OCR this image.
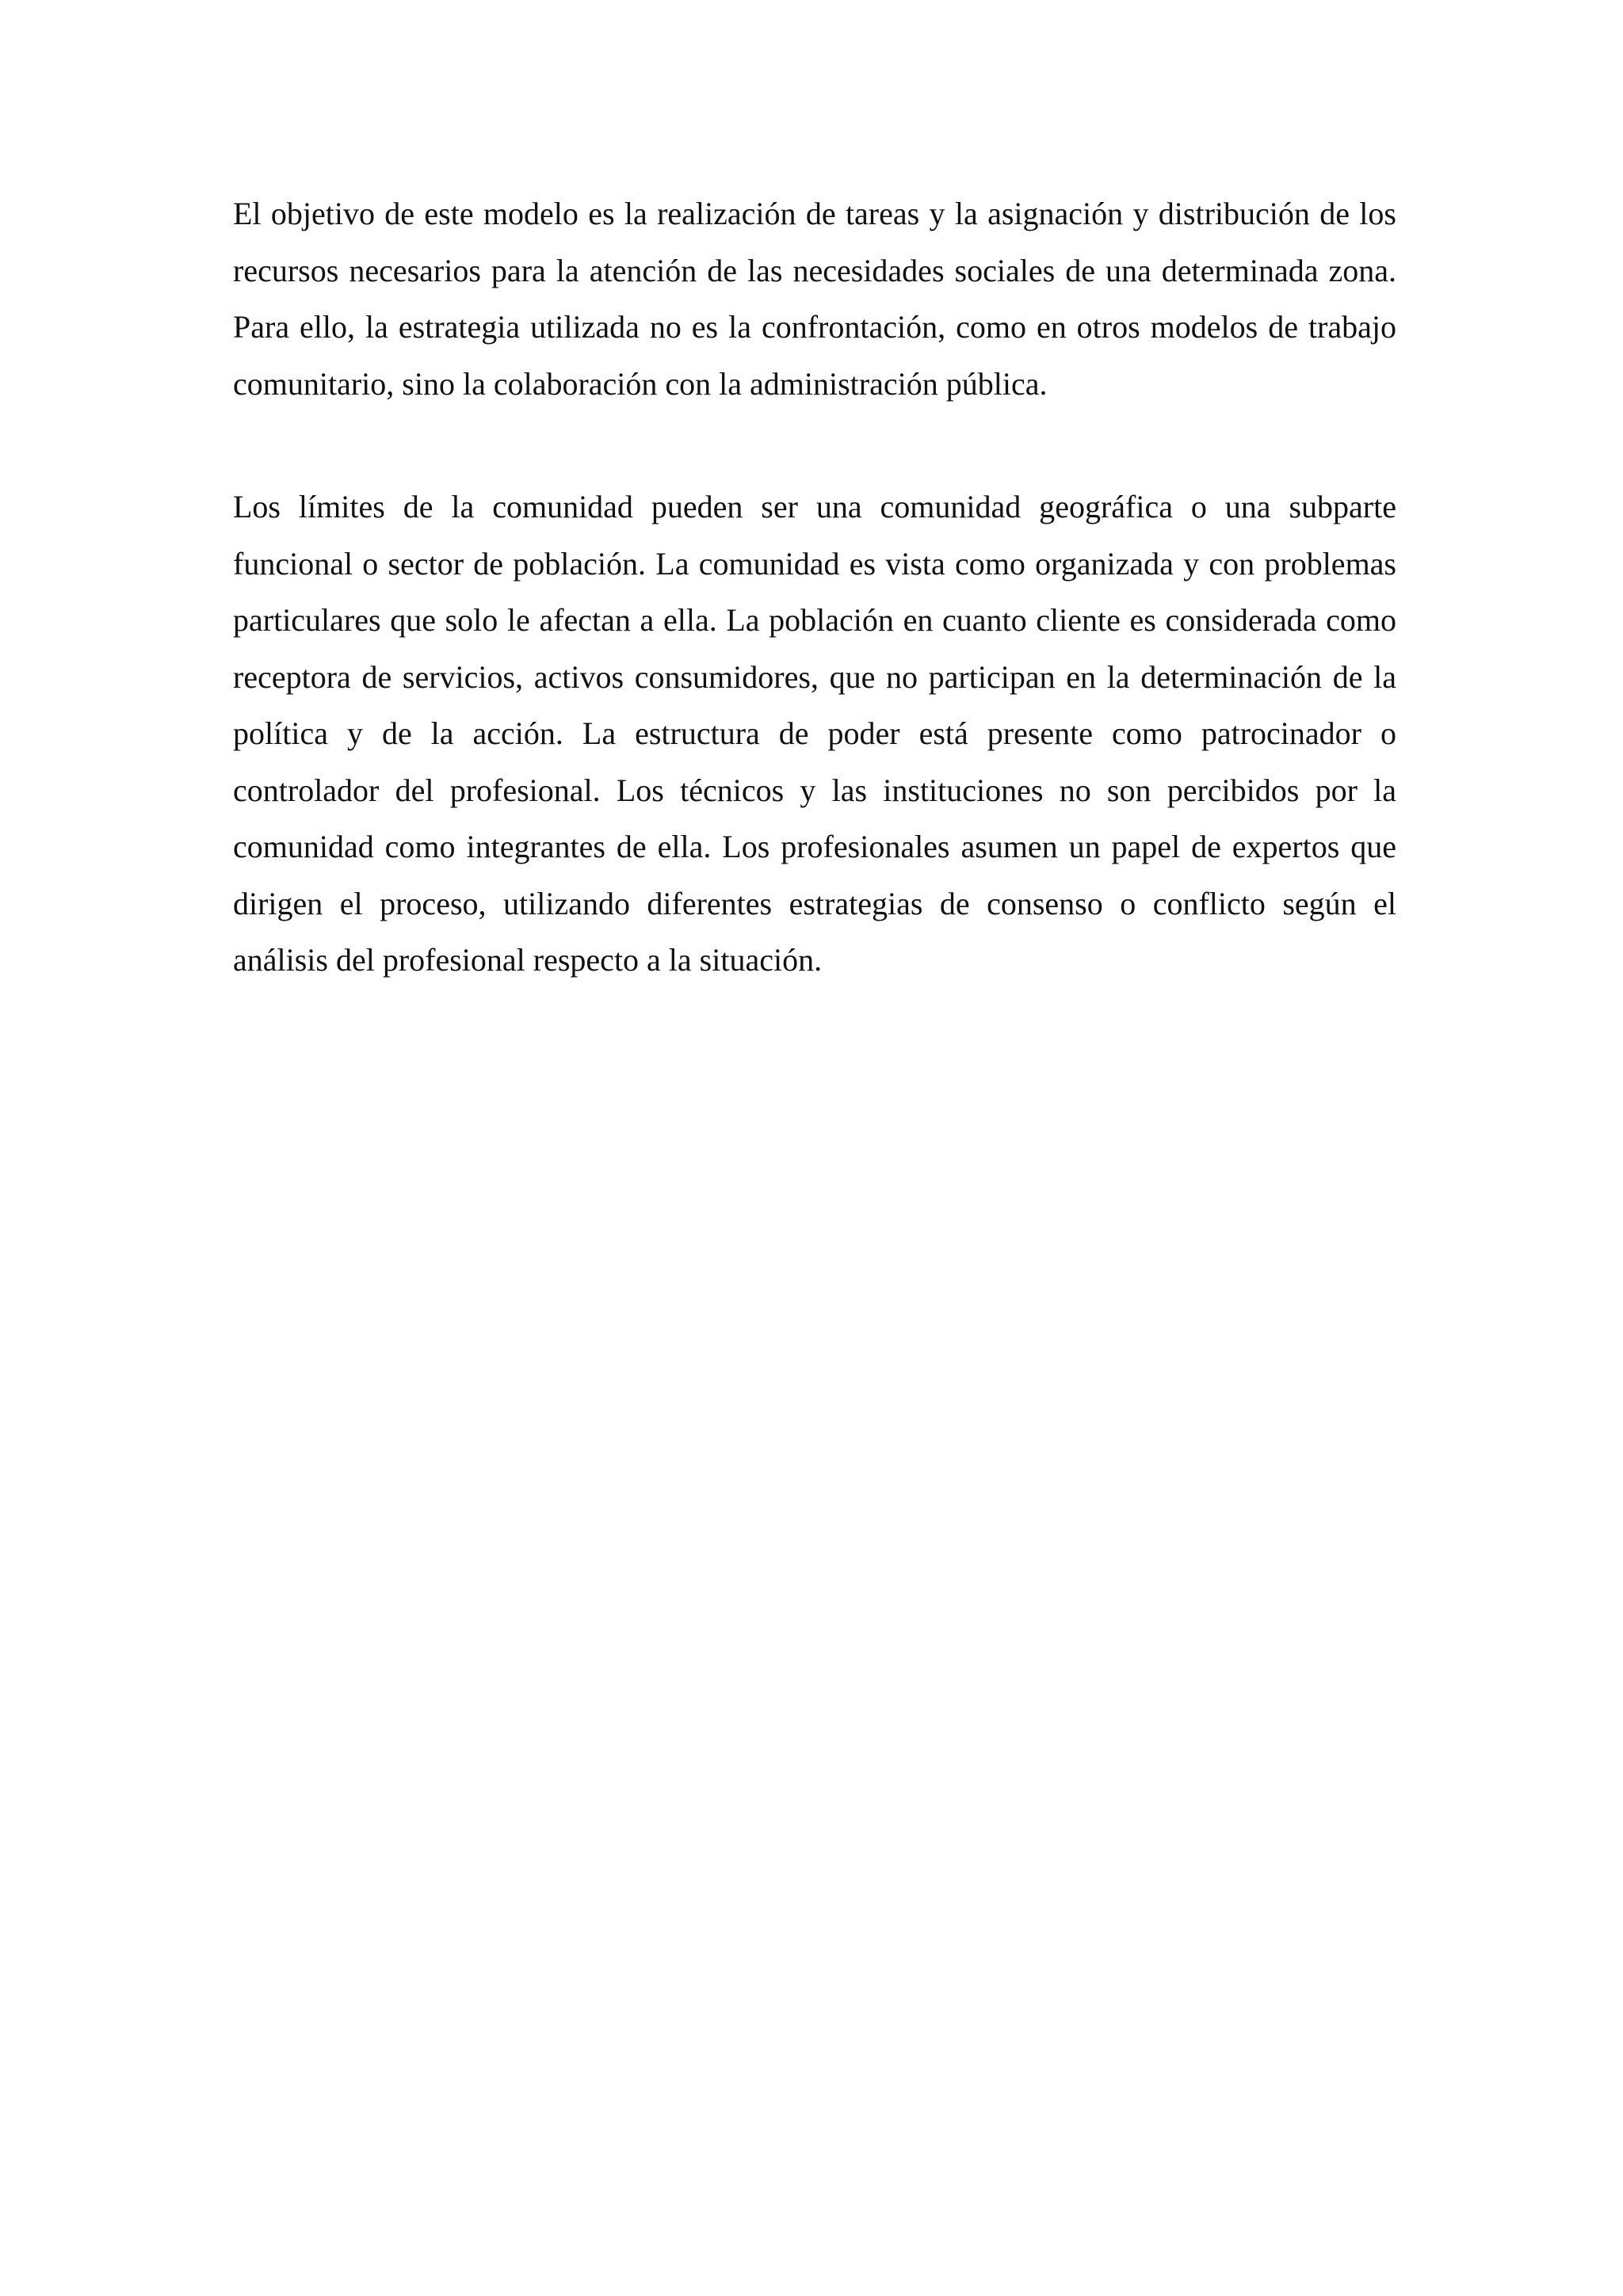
El objetivo de este modelo es la realización de tareas y la asignación y distribución de los recursos necesarios para la atención de las necesidades sociales de una determinada zona. Para ello, la estrategia utilizada no es la confrontación, como en otros modelos de trabajo comunitario, sino la colaboración con la administración pública.

Los límites de la comunidad pueden ser una comunidad geográfica o una subparte funcional o sector de población. La comunidad es vista como organizada y con problemas particulares que solo le afectan a ella. La población en cuanto cliente es considerada como receptora de servicios, activos consumidores, que no participan en la determinación de la política y de la acción. La estructura de poder está presente como patrocinador o controlador del profesional. Los técnicos y las instituciones no son percibidos por la comunidad como integrantes de ella. Los profesionales asumen un papel de expertos que dirigen el proceso, utilizando diferentes estrategias de consenso o conflicto según el análisis del profesional respecto a la situación.
